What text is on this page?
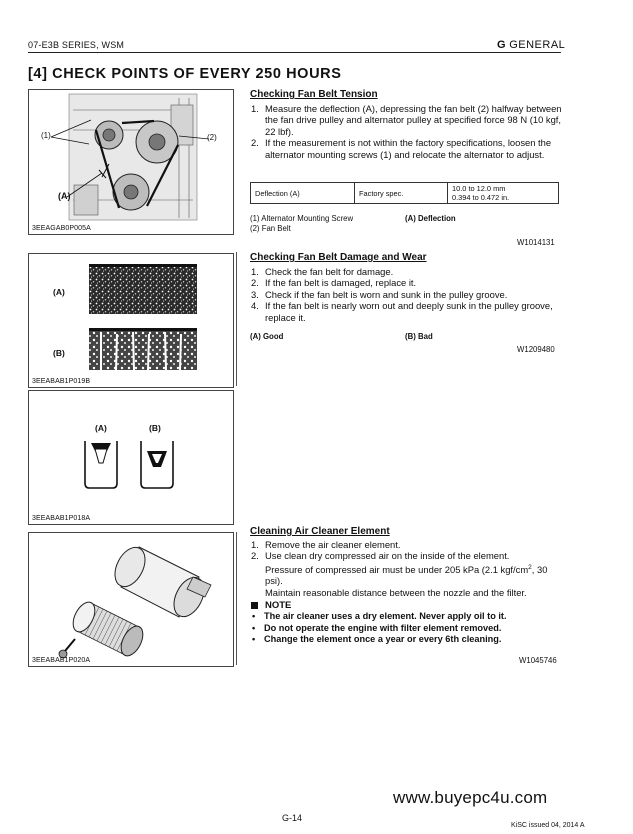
07-E3B SERIES, WSM	G GENERAL
[4] CHECK POINTS OF EVERY 250 HOURS
(1)	(2)
(A)
3EEAGAB0P005A
Checking Fan Belt Tension
1. Measure the deflection (A), depressing the fan belt (2) halfway between the fan drive pulley and alternator pulley at specified force 98 N (10 kgf, 22 lbf).
2. If the measurement is not within the factory specifications, loosen the alternator mounting screws (1) and relocate the alternator to adjust.
Deflection (A)	Factory spec.	10.0 to 12.0 mm
0.394 to 0.472 in.
(1) Alternator Mounting Screw	(A) Deflection
(2) Fan Belt
W1014131
(A)
(B)
3EEABAB1P019B
Checking Fan Belt Damage and Wear
1. Check the fan belt for damage.
2. If the fan belt is damaged, replace it.
3. Check if the fan belt is worn and sunk in the pulley groove.
4. If the fan belt is nearly worn out and deeply sunk in the pulley groove, replace it.
(A) Good	(B) Bad
W1209480
(A)	(B)
3EEABAB1P018A
3EEABAB1P020A
Cleaning Air Cleaner Element
1. Remove the air cleaner element.
2. Use clean dry compressed air on the inside of the element.
Pressure of compressed air must be under 205 kPa (2.1 kgf/$cm^2$, 30 psi).
Maintain reasonable distance between the nozzle and the filter.
NOTE
• The air cleaner uses a dry element. Never apply oil to it.
• Do not operate the engine with filter element removed.
• Change the element once a year or every 6th cleaning.
W1045746
www.buyepc4u.com
G-14
KiSC issued 04, 2014 A
